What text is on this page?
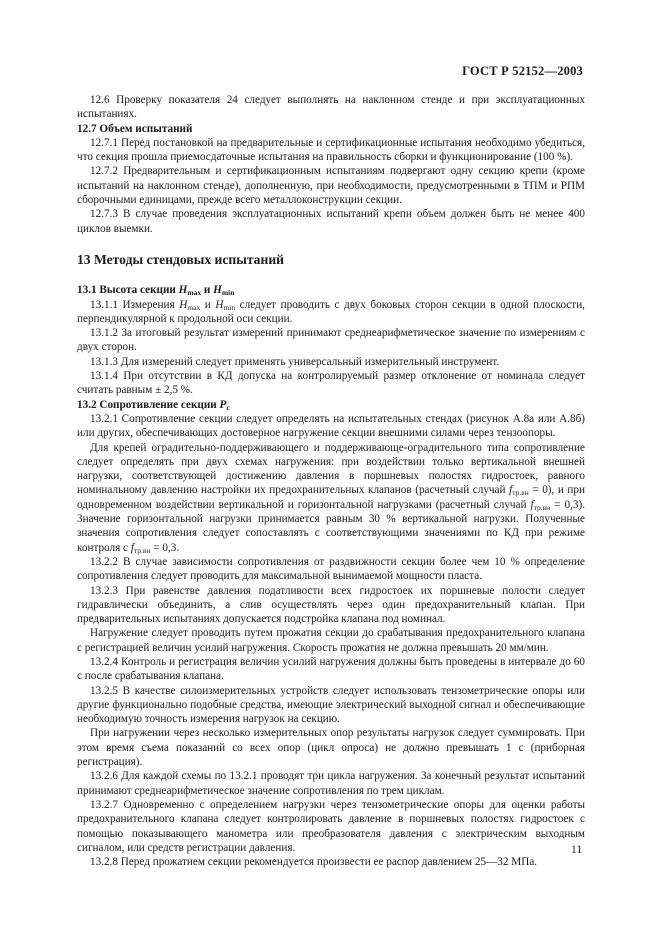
ГОСТ Р 52152—2003

12.6 Проверку показателя 24 следует выполнять на наклонном стенде и при эксплуатационных испытаниях.

12.7 Объем испытаний

12.7.1 Перед постановкой на предварительные и сертификационные испытания необходимо убедиться, что секция прошла приемосдаточные испытания на правильность сборки и функционирование (100 %).

12.7.2 Предварительным и сертификационным испытаниям подвергают одну секцию крепи (кроме испытаний на наклонном стенде), дополненную, при необходимости, предусмотренными в ТПМ и РПМ сборочными единицами, прежде всего металлоконструкции секции.

12.7.3 В случае проведения эксплуатационных испытаний крепи объем должен быть не менее 400 циклов выемки.

13 Методы стендовых испытаний

13.1 Высота секции $H_{max}$ и $H_{min}$

13.1.1 Измерения $H_{max}$ и $H_{min}$ следует проводить с двух боковых сторон секции в одной плоскости, перпендикулярной к продольной оси секции.

13.1.2 За итоговый результат измерений принимают среднеарифметическое значение по измерениям с двух сторон.

13.1.3 Для измерений следует применять универсальный измерительный инструмент.

13.1.4 При отсутствии в КД допуска на контролируемый размер отклонение от номинала следует считать равным ± 2,5 %.

13.2 Сопротивление секции $P_c$

13.2.1 Сопротивление секции следует определять на испытательных стендах (рисунок А.8а или А.8б) или других, обеспечивающих достоверное нагружение секции внешними силами через тензоопоры.

Для крепей оградительно-поддерживающего и поддерживающе-оградительного типа сопротивление следует определять при двух схемах нагружения: при воздействии только вертикальной внешней нагрузки, соответствующей достижению давления в поршневых полостях гидростоек, равного номинальному давлению настройки их предохранительных клапанов (расчетный случай $f_{тр.вн} = 0$), и при одновременном воздействии вертикальной и горизонтальной нагрузками (расчетный случай $f_{тр.вн} = 0,3$). Значение горизонтальной нагрузки принимается равным 30 % вертикальной нагрузки. Полученные значения сопротивления следует сопоставлять с соответствующими значениями по КД при режиме контроля с $f_{тр.вн} = 0,3$.

13.2.2 В случае зависимости сопротивления от раздвижности секции более чем 10 % определение сопротивления следует проводить для максимальной вынимаемой мощности пласта.

13.2.3 При равенстве давления податливости всех гидростоек их поршневые полости следует гидравлически объединить, а слив осуществлять через один предохранительный клапан. При предварительных испытаниях допускается подстройка клапана под номинал.

Нагружение следует проводить путем прожатия секции до срабатывания предохранительного клапана с регистрацией величин усилий нагружения. Скорость прожатия не должна превышать 20 мм/мин.

13.2.4 Контроль и регистрация величин усилий нагружения должны быть проведены в интервале до 60 с после срабатывания клапана.

13.2.5 В качестве силоизмерительных устройств следует использовать тензометрические опоры или другие функционально подобные средства, имеющие электрический выходной сигнал и обеспечивающие необходимую точность измерения нагрузок на секцию.

При нагружении через несколько измерительных опор результаты нагрузок следует суммировать. При этом время съема показаний со всех опор (цикл опроса) не должно превышать 1 с (приборная регистрация).

13.2.6 Для каждой схемы по 13.2.1 проводят три цикла нагружения. За конечный результат испытаний принимают среднеарифметическое значение сопротивления по трем циклам.

13.2.7 Одновременно с определением нагрузки через тензометрические опоры для оценки работы предохранительного клапана следует контролировать давление в поршневых полостях гидростоек с помощью показывающего манометра или преобразователя давления с электрическим выходным сигналом, или средств регистрации давления.

13.2.8 Перед прожатием секции рекомендуется произвести ее распор давлением 25—32 МПа.

11
